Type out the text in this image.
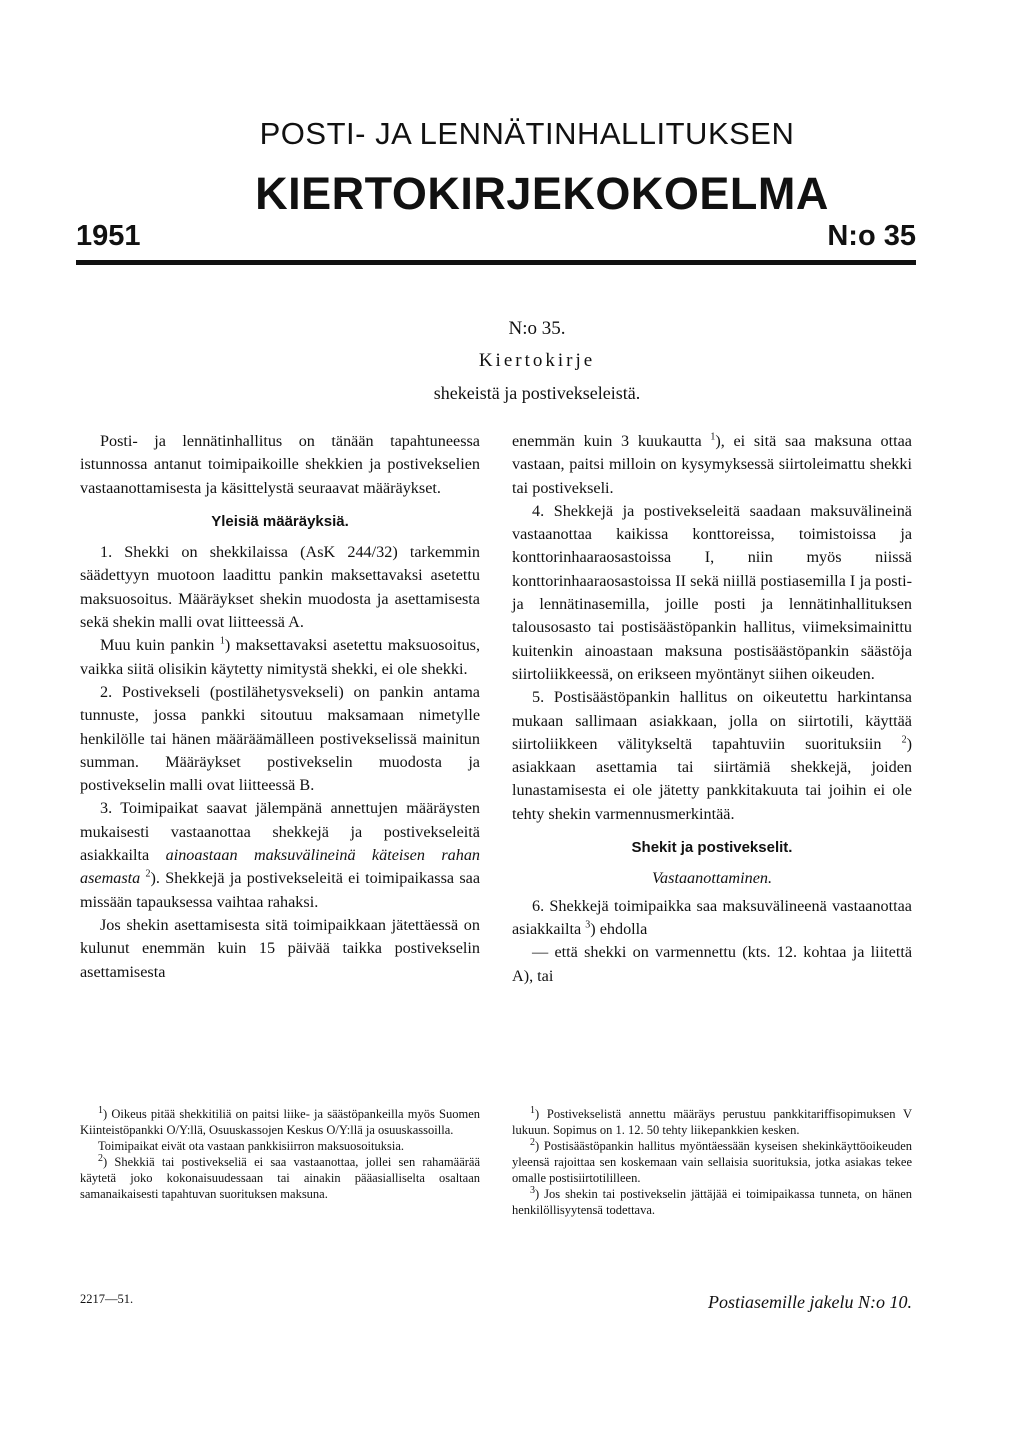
POSTI- JA LENNÄTINHALLITUKSEN
KIERTOKIRJEKOKOELMA
1951	N:o 35
N:o 35.
Kiertokirje
shekeistä ja postivekseleistä.

Posti- ja lennätinhallitus on tänään tapahtuneessa istunnossa antanut toimipaikoille shekkien ja postivekselien vastaanottamisesta ja käsittelystä seuraavat määräykset.

Yleisiä määräyksiä.

1. Shekki on shekkilaissa (AsK 244/32) tarkemmin säädettyyn muotoon laadittu pankin maksettavaksi asetettu maksuosoitus. Määräykset shekin muodosta ja asettamisesta sekä shekin malli ovat liitteessä A.

Muu kuin pankin $^1$) maksettavaksi asetettu maksuosoitus, vaikka siitä olisikin käytetty nimitystä shekki, ei ole shekki.

2. Postivekseli (postilähetysvekseli) on pankin antama tunnuste, jossa pankki sitoutuu maksamaan nimetylle henkilölle tai hänen määräämälleen postivekselissä mainitun summan. Määräykset postivekselin muodosta ja postivekselin malli ovat liitteessä B.

3. Toimipaikat saavat jälempänä annettujen määräysten mukaisesti vastaanottaa shekkejä ja postivekseleitä asiakkailta ainoastaan maksuvälineinä käteisen rahan asemasta $^2$). Shekkejä ja postivekseleitä ei toimipaikassa saa missään tapauksessa vaihtaa rahaksi.

Jos shekin asettamisesta sitä toimipaikkaan jätettäessä on kulunut enemmän kuin 15 päivää taikka postivekselin asettamisesta

enemmän kuin 3 kuukautta $^1$), ei sitä saa maksuna ottaa vastaan, paitsi milloin on kysymyksessä siirtoleimattu shekki tai postivekseli.

4. Shekkejä ja postivekseleitä saadaan maksuvälineinä vastaanottaa kaikissa konttoreissa, toimistoissa ja konttorinhaaraosastoissa I, niin myös niissä konttorinhaaraosastoissa II sekä niillä postiasemilla I ja posti- ja lennätinasemilla, joille posti ja lennätinhallituksen talousosasto tai postisäästöpankin hallitus, viimeksimainittu kuitenkin ainoastaan maksuna postisäästöpankin säästöja siirtoliikkeessä, on erikseen myöntänyt siihen oikeuden.

5. Postisäästöpankin hallitus on oikeutettu harkintansa mukaan sallimaan asiakkaan, jolla on siirtotili, käyttää siirtoliikkeen välitykseltä tapahtuviin suorituksiin $^2$) asiakkaan asettamia tai siirtämiä shekkejä, joiden lunastamisesta ei ole jätetty pankkitakuuta tai joihin ei ole tehty shekin varmennusmerkintää.

Shekit ja postivekselit.

Vastaanottaminen.

6. Shekkejä toimipaikka saa maksuvälineenä vastaanottaa asiakkailta $^3$) ehdolla

— että shekki on varmennettu (kts. 12. kohtaa ja liitettä A), tai

$^1$) Oikeus pitää shekkitiliä on paitsi liike- ja säästöpankeilla myös Suomen Kiinteistöpankki O/Y:llä, Osuuskassojen Keskus O/Y:llä ja osuuskassoilla.

Toimipaikat eivät ota vastaan pankkisiirron maksuosoituksia.

$^2$) Shekkiä tai postivekseliä ei saa vastaanottaa, jollei sen rahamäärää käytetä joko kokonaisuudessaan tai ainakin pääasialliselta osaltaan samanaikaisesti tapahtuvan suorituksen maksuna.

$^1$) Postivekselistä annettu määräys perustuu pankkitariffisopimuksen V lukuun. Sopimus on 1. 12. 50 tehty liikepankkien kesken.

$^2$) Postisäästöpankin hallitus myöntäessään kyseisen shekinkäyttöoikeuden yleensä rajoittaa sen koskemaan vain sellaisia suorituksia, jotka asiakas tekee omalle postisiirtotililleen.

$^3$) Jos shekin tai postivekselin jättäjää ei toimipaikassa tunneta, on hänen henkilöllisyytensä todettava.

2217—51.	Postiasemille jakelu N:o 10.
